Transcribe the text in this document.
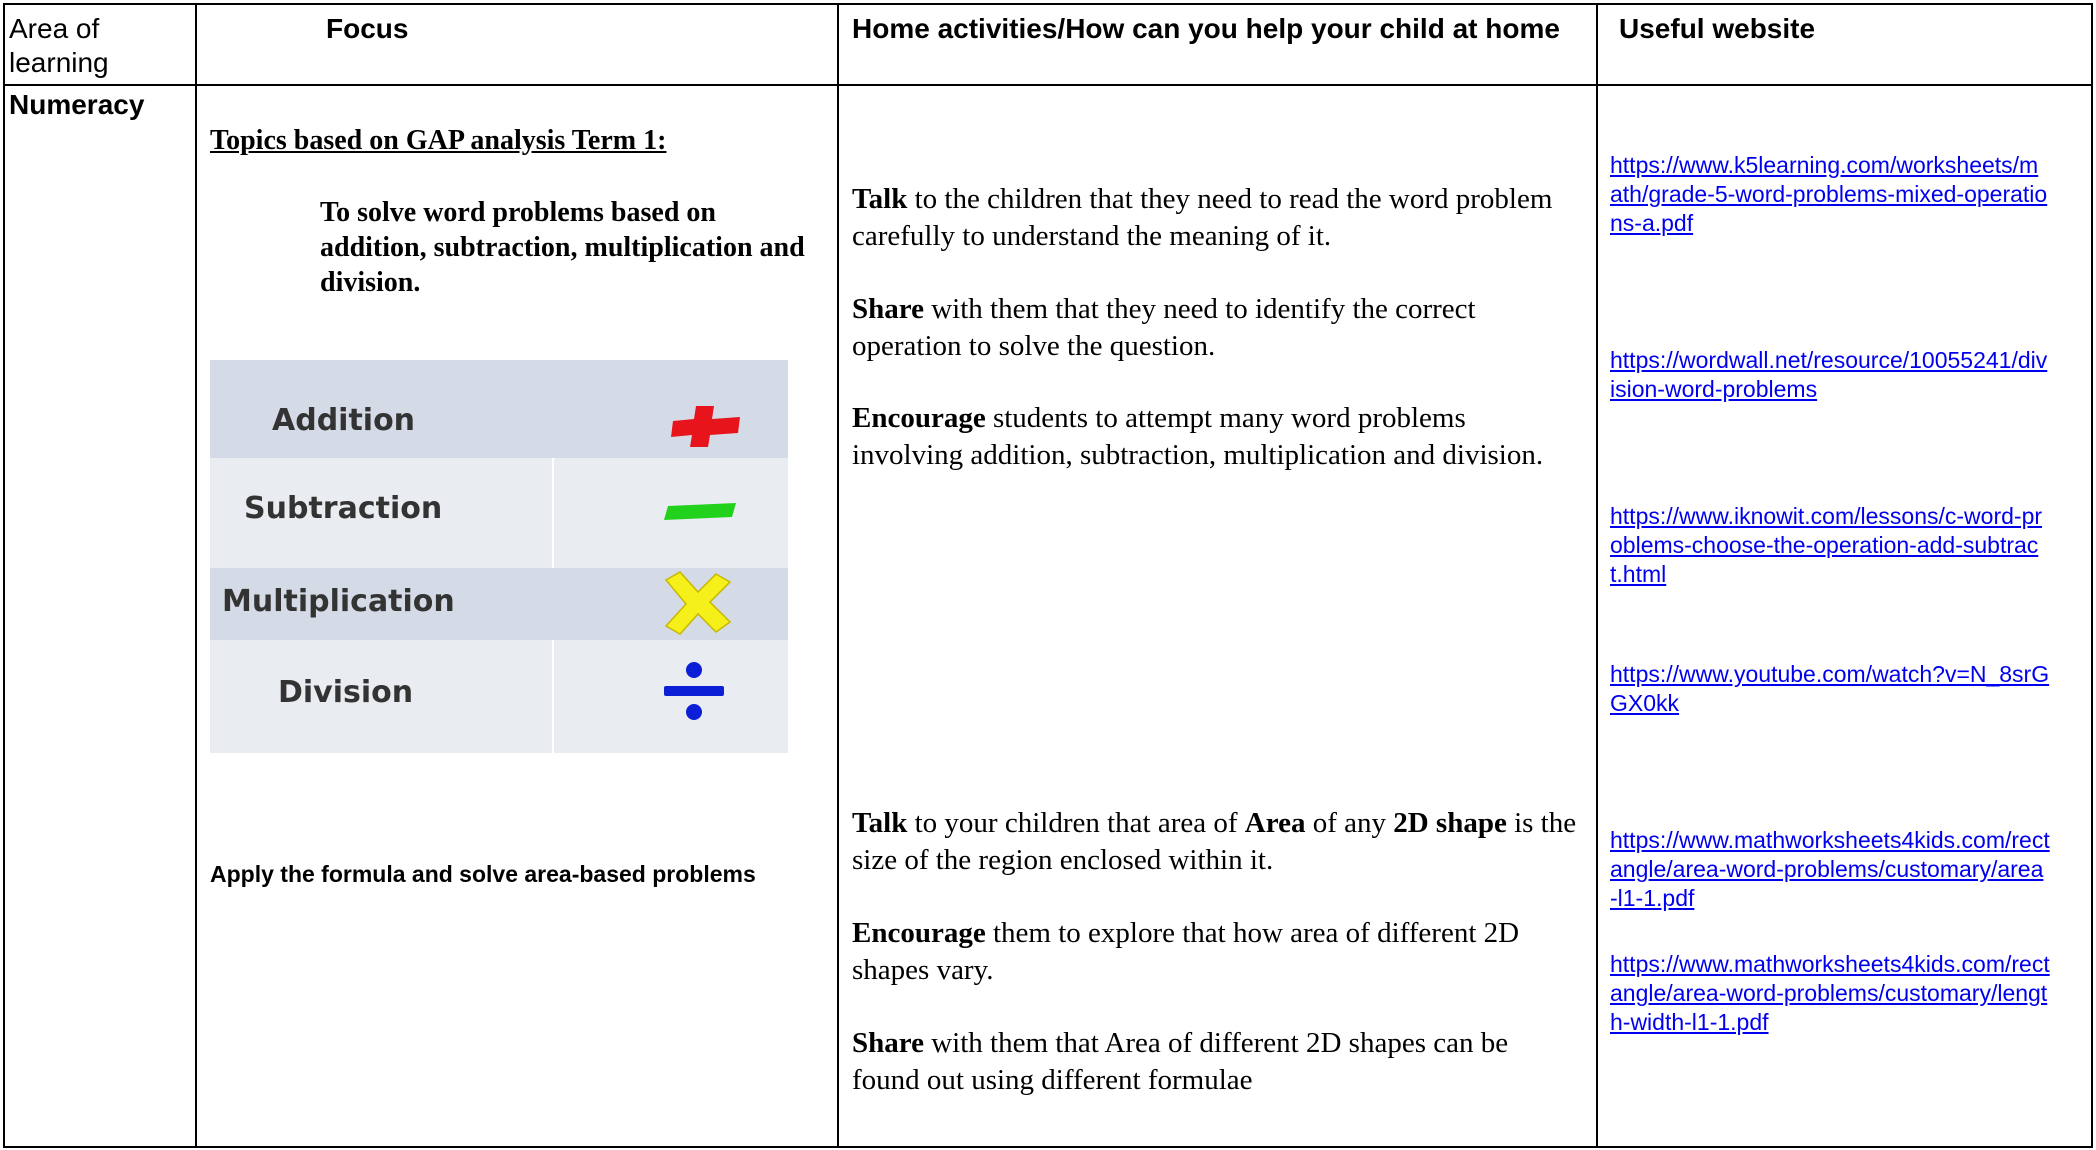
Area of learning
Focus	Home activities/How can you help your child at home	Useful website
Numeracy
Topics based on GAP analysis Term 1:
To solve word problems based on addition, subtraction, multiplication and division.
Addition
Subtraction
Multiplication
Division
Apply the formula and solve area-based problems
Talk to the children that they need to read the word problem carefully to understand the meaning of it.
Share with them that they need to identify the correct operation to solve the question.
Encourage students to attempt many word problems involving addition, subtraction, multiplication and division.
Talk to your children that area of Area of any 2D shape is the size of the region enclosed within it.
Encourage them to explore that how area of different 2D shapes vary.
Share with them that Area of different 2D shapes can be found out using different formulae
https://www.k5learning.com/worksheets/math/grade-5-word-problems-mixed-operations-a.pdf
https://wordwall.net/resource/10055241/division-word-problems
https://www.iknowit.com/lessons/c-word-problems-choose-the-operation-add-subtract.html
https://www.youtube.com/watch?v=N_8srGGX0kk
https://www.mathworksheets4kids.com/rectangle/area-word-problems/customary/area-l1-1.pdf
https://www.mathworksheets4kids.com/rectangle/area-word-problems/customary/length-width-l1-1.pdf
